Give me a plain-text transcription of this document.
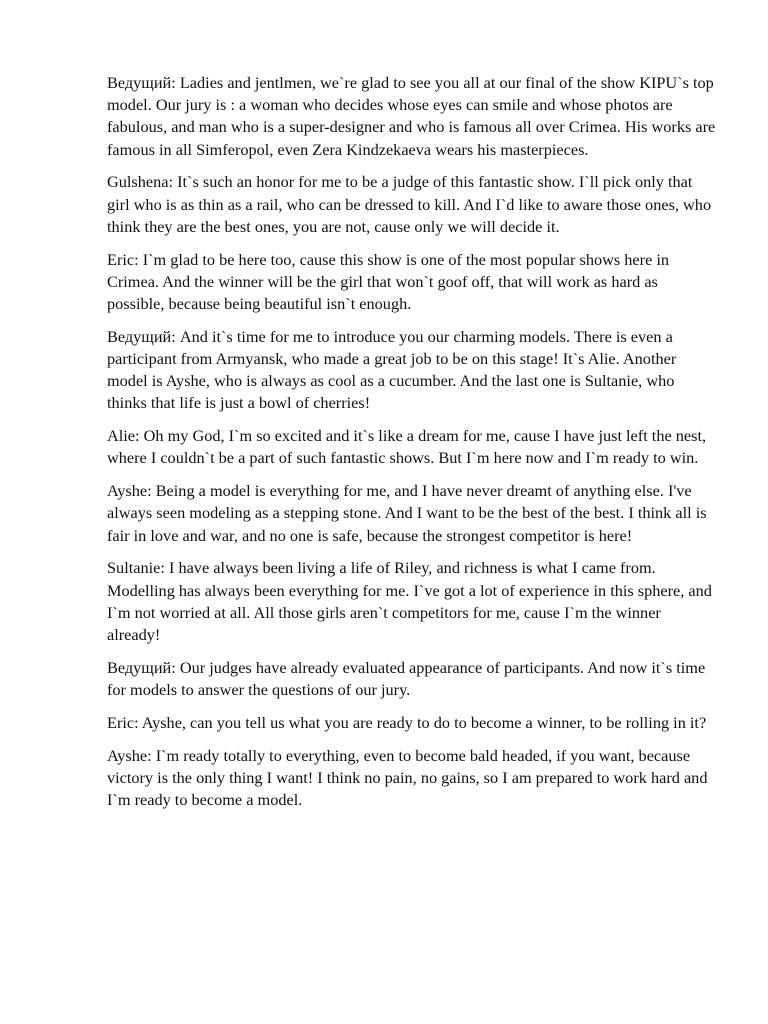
Ведущий: Ladies and jentlmen, we`re glad to see you all at our final of the show KIPU`s top model. Our jury is : a woman who decides whose eyes can smile and whose photos are fabulous, and man who is a super-designer and who is famous all over Crimea. His works are famous in all Simferopol, even Zera Kindzekaeva wears his masterpieces.

Gulshena: It`s such an honor for me to be a judge of this fantastic show. I`ll pick only that girl who is as thin as a rail, who can be dressed to kill. And I`d like to aware those ones, who think they are the best ones, you are not, cause only we will decide it.

Eric: I`m glad to be here too, cause this show is one of the most popular shows here in Crimea. And the winner will be the girl that won`t goof off, that will work as hard as possible, because being beautiful isn`t enough.

Ведущий: And it`s time for me to introduce you our charming models. There is even a participant from Armyansk, who made a great job to be on this stage! It`s Alie. Another model is Ayshe, who is always as cool as a cucumber. And the last one is Sultanie, who thinks that life is just a bowl of cherries!

Alie: Oh my God, I`m so excited and it`s like a dream for me, cause I have just left the nest, where I couldn`t be a part of such fantastic shows. But I`m here now and I`m ready to win.

Ayshe: Being a model is everything for me, and I have never dreamt of anything else. I've always seen modeling as a stepping stone. And I want to be the best of the best. I think all is fair in love and war, and no one is safe, because the strongest competitor is here!

Sultanie: I have always been living a life of Riley, and richness is what I came from. Modelling has always been everything for me. I`ve got a lot of experience in this sphere, and I`m not worried at all. All those girls aren`t competitors for me, cause I`m the winner already!

Ведущий: Our judges have already evaluated appearance of participants. And now it`s time for models to answer the questions of our jury.

Eric: Ayshe, can you tell us what you are ready to do to become a winner, to be rolling in it?

Ayshe: I`m ready totally to everything, even to become bald headed, if you want, because victory is the only thing I want! I think no pain, no gains, so I am prepared to work hard and I`m ready to become a model.
